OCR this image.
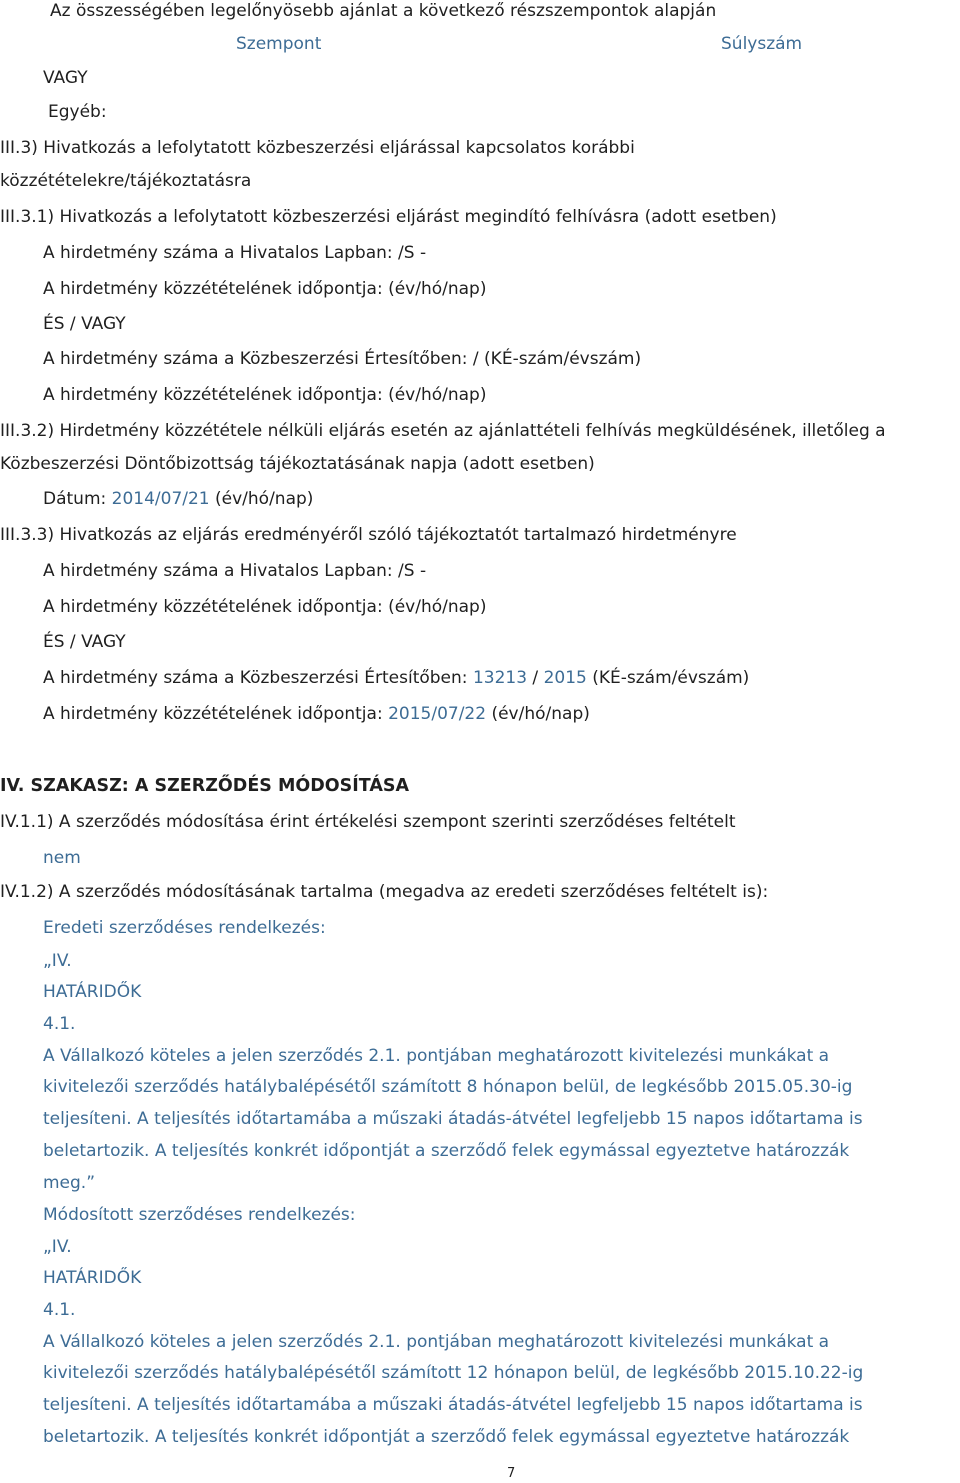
Az összességében legelőnyösebb ajánlat a következő részszempontok alapján
Szempont	Súlyszám
VAGY
Egyéb:
III.3) Hivatkozás a lefolytatott közbeszerzési eljárással kapcsolatos korábbi
közzétételekre/tájékoztatásra
III.3.1) Hivatkozás a lefolytatott közbeszerzési eljárást megindító felhívásra (adott esetben)
A hirdetmény száma a Hivatalos Lapban: /S -
A hirdetmény közzétételének időpontja: (év/hó/nap)
ÉS / VAGY
A hirdetmény száma a Közbeszerzési Értesítőben: / (KÉ-szám/évszám)
A hirdetmény közzétételének időpontja: (év/hó/nap)
III.3.2) Hirdetmény közzététele nélküli eljárás esetén az ajánlattételi felhívás megküldésének, illetőleg a
Közbeszerzési Döntőbizottság tájékoztatásának napja (adott esetben)
Dátum: 2014/07/21 (év/hó/nap)
III.3.3) Hivatkozás az eljárás eredményéről szóló tájékoztatót tartalmazó hirdetményre
A hirdetmény száma a Hivatalos Lapban: /S -
A hirdetmény közzétételének időpontja: (év/hó/nap)
ÉS / VAGY
A hirdetmény száma a Közbeszerzési Értesítőben: 13213 / 2015 (KÉ-szám/évszám)
A hirdetmény közzétételének időpontja: 2015/07/22 (év/hó/nap)
IV. SZAKASZ: A SZERZŐDÉS MÓDOSÍTÁSA
IV.1.1) A szerződés módosítása érint értékelési szempont szerinti szerződéses feltételt
nem
IV.1.2) A szerződés módosításának tartalma (megadva az eredeti szerződéses feltételt is):
Eredeti szerződéses rendelkezés:
„IV.
HATÁRIDŐK
4.1.
A Vállalkozó köteles a jelen szerződés 2.1. pontjában meghatározott kivitelezési munkákat a
kivitelezői szerződés hatálybalépésétől számított 8 hónapon belül, de legkésőbb 2015.05.30-ig
teljesíteni. A teljesítés időtartamába a műszaki átadás-átvétel legfeljebb 15 napos időtartama is
beletartozik. A teljesítés konkrét időpontját a szerződő felek egymással egyeztetve határozzák
meg.”
Módosított szerződéses rendelkezés:
„IV.
HATÁRIDŐK
4.1.
A Vállalkozó köteles a jelen szerződés 2.1. pontjában meghatározott kivitelezési munkákat a
kivitelezői szerződés hatálybalépésétől számított 12 hónapon belül, de legkésőbb 2015.10.22-ig
teljesíteni. A teljesítés időtartamába a műszaki átadás-átvétel legfeljebb 15 napos időtartama is
beletartozik. A teljesítés konkrét időpontját a szerződő felek egymással egyeztetve határozzák
7
